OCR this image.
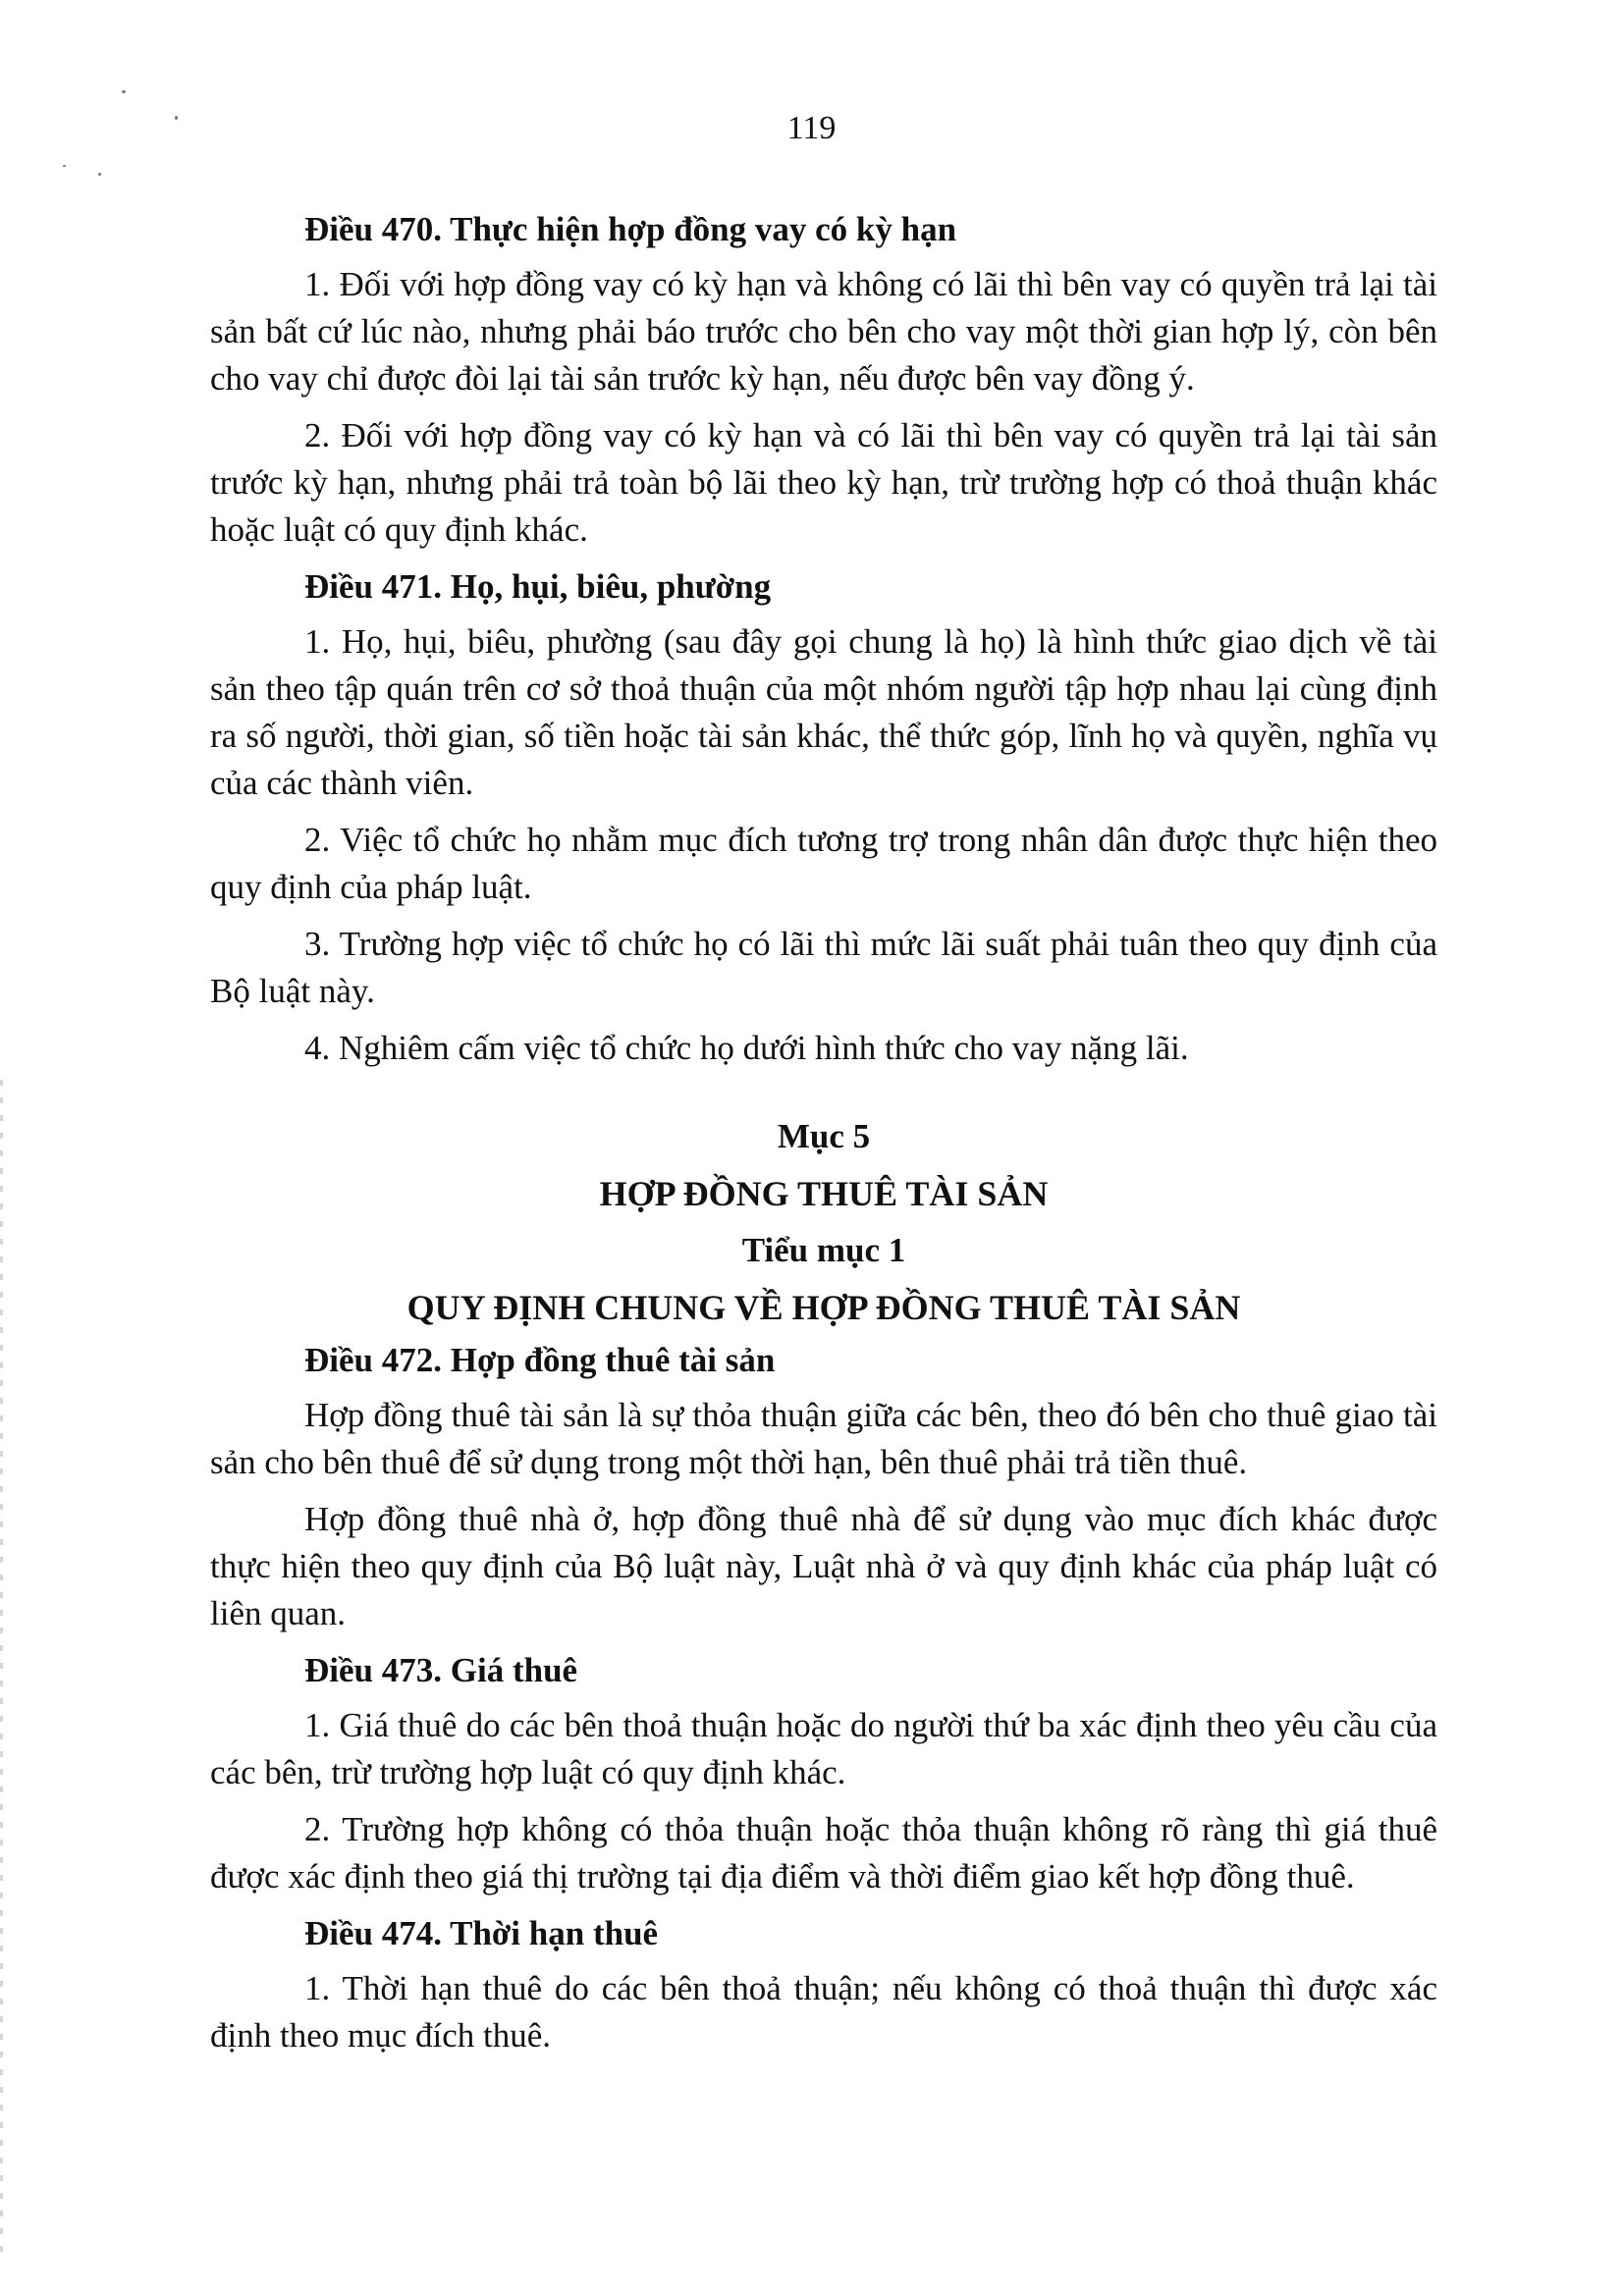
119
Điều 470. Thực hiện hợp đồng vay có kỳ hạn
1. Đối với hợp đồng vay có kỳ hạn và không có lãi thì bên vay có quyền trả lại tài sản bất cứ lúc nào, nhưng phải báo trước cho bên cho vay một thời gian hợp lý, còn bên cho vay chỉ được đòi lại tài sản trước kỳ hạn, nếu được bên vay đồng ý.
2. Đối với hợp đồng vay có kỳ hạn và có lãi thì bên vay có quyền trả lại tài sản trước kỳ hạn, nhưng phải trả toàn bộ lãi theo kỳ hạn, trừ trường hợp có thoả thuận khác hoặc luật có quy định khác.
Điều 471. Họ, hụi, biêu, phường
1. Họ, hụi, biêu, phường (sau đây gọi chung là họ) là hình thức giao dịch về tài sản theo tập quán trên cơ sở thoả thuận của một nhóm người tập hợp nhau lại cùng định ra số người, thời gian, số tiền hoặc tài sản khác, thể thức góp, lĩnh họ và quyền, nghĩa vụ của các thành viên.
2. Việc tổ chức họ nhằm mục đích tương trợ trong nhân dân được thực hiện theo quy định của pháp luật.
3. Trường hợp việc tổ chức họ có lãi thì mức lãi suất phải tuân theo quy định của Bộ luật này.
4. Nghiêm cấm việc tổ chức họ dưới hình thức cho vay nặng lãi.
Mục 5
HỢP ĐỒNG THUÊ TÀI SẢN
Tiểu mục 1
QUY ĐỊNH CHUNG VỀ HỢP ĐỒNG THUÊ TÀI SẢN
Điều 472. Hợp đồng thuê tài sản
Hợp đồng thuê tài sản là sự thỏa thuận giữa các bên, theo đó bên cho thuê giao tài sản cho bên thuê để sử dụng trong một thời hạn, bên thuê phải trả tiền thuê.
Hợp đồng thuê nhà ở, hợp đồng thuê nhà để sử dụng vào mục đích khác được thực hiện theo quy định của Bộ luật này, Luật nhà ở và quy định khác của pháp luật có liên quan.
Điều 473. Giá thuê
1. Giá thuê do các bên thoả thuận hoặc do người thứ ba xác định theo yêu cầu của các bên, trừ trường hợp luật có quy định khác.
2. Trường hợp không có thỏa thuận hoặc thỏa thuận không rõ ràng thì giá thuê được xác định theo giá thị trường tại địa điểm và thời điểm giao kết hợp đồng thuê.
Điều 474. Thời hạn thuê
1. Thời hạn thuê do các bên thoả thuận; nếu không có thoả thuận thì được xác định theo mục đích thuê.
